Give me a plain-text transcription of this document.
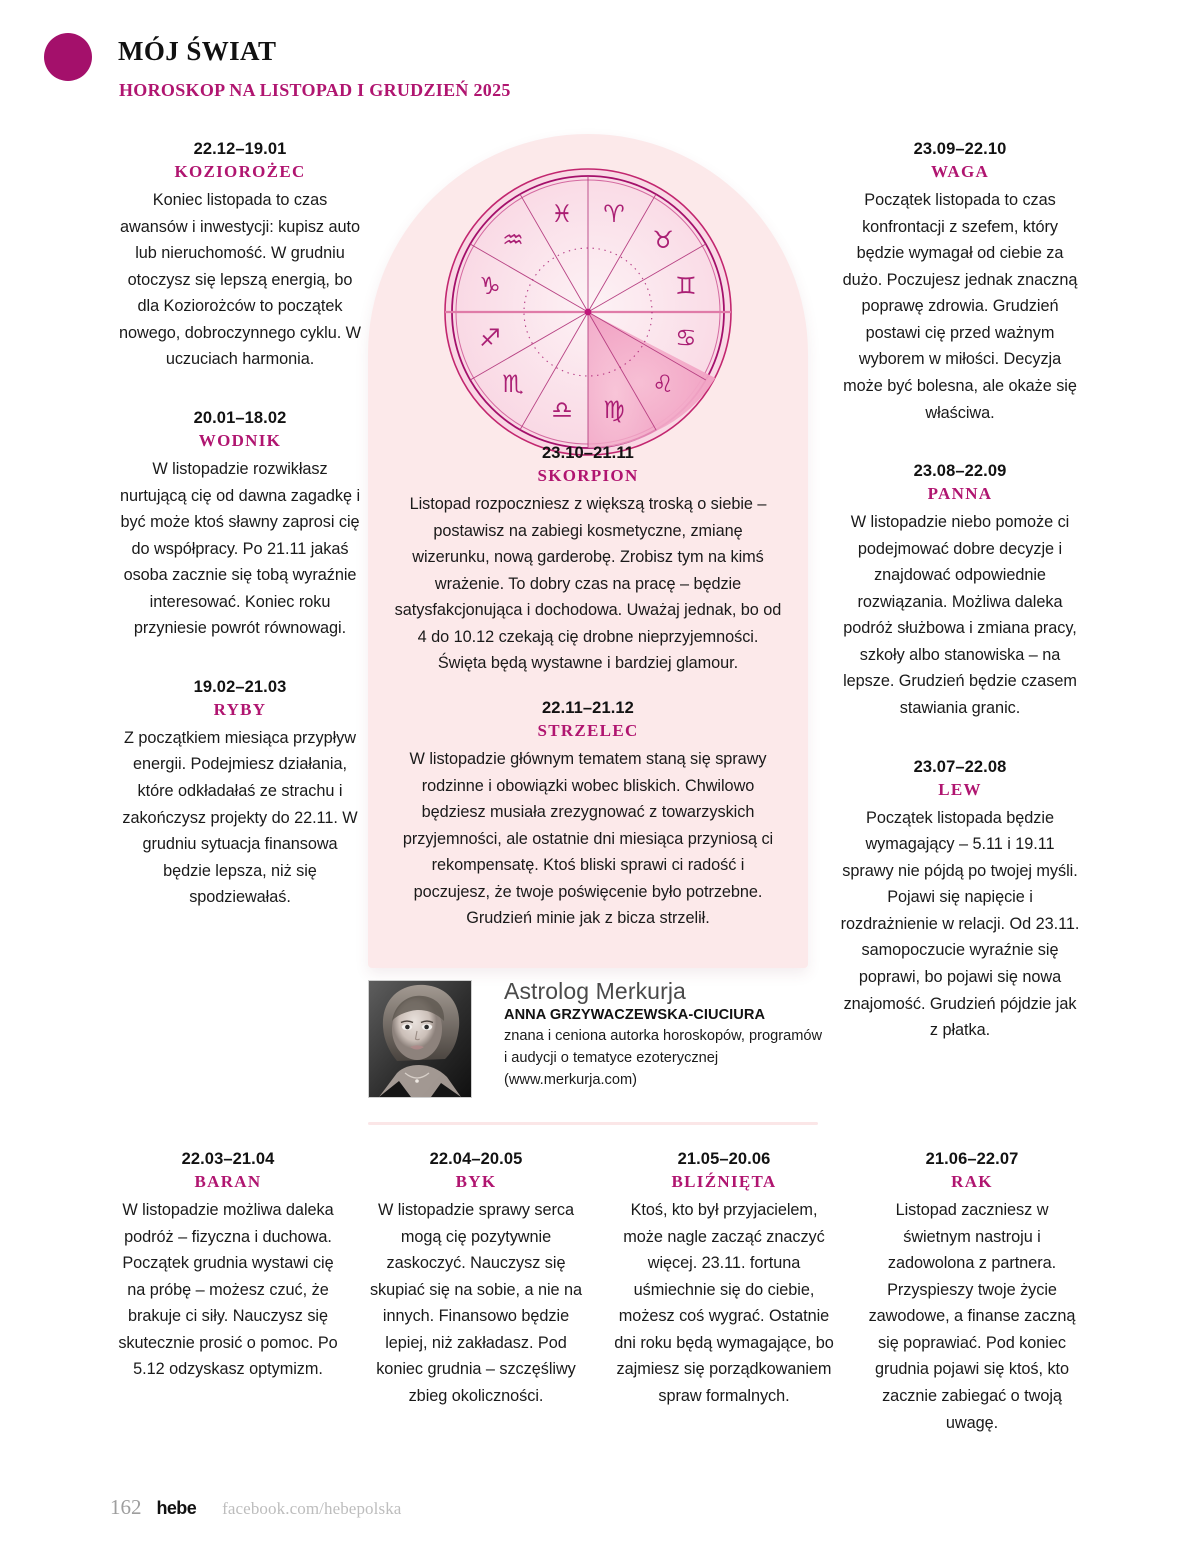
MÓJ ŚWIAT
HOROSKOP NA LISTOPAD I GRUDZIEŃ 2025
22.12–19.01
KOZIOROŻEC
Koniec listopada to czas awansów i inwestycji: kupisz auto lub nieruchomość. W grudniu otoczysz się lepszą energią, bo dla Koziorożców to początek nowego, dobroczynnego cyklu. W uczuciach harmonia.
20.01–18.02
WODNIK
W listopadzie rozwikłasz nurtującą cię od dawna zagadkę i być może ktoś sławny zaprosi cię do współpracy. Po 21.11 jakaś osoba zacznie się tobą wyraźnie interesować. Koniec roku przyniesie powrót równowagi.
19.02–21.03
RYBY
Z początkiem miesiąca przypływ energii. Podejmiesz działania, które odkładałaś ze strachu i zakończysz projekty do 22.11. W grudniu sytuacja finansowa będzie lepsza, niż się spodziewałaś.
23.09–22.10
WAGA
Początek listopada to czas konfrontacji z szefem, który będzie wymagał od ciebie za dużo. Poczujesz jednak znaczną poprawę zdrowia. Grudzień postawi cię przed ważnym wyborem w miłości. Decyzja może być bolesna, ale okaże się właściwa.
23.08–22.09
PANNA
W listopadzie niebo pomoże ci podejmować dobre decyzje i znajdować odpowiednie rozwiązania. Możliwa daleka podróż służbowa i zmiana pracy, szkoły albo stanowiska – na lepsze. Grudzień będzie czasem stawiania granic.
23.07–22.08
LEW
Początek listopada będzie wymagający – 5.11 i 19.11 sprawy nie pójdą po twojej myśli. Pojawi się napięcie i rozdrażnienie w relacji. Od 23.11. samopoczucie wyraźnie się poprawi, bo pojawi się nowa znajomość. Grudzień pójdzie jak z płatka.
♈
♉
♊
♋
♌
♍
♎
♏
♐
♑
♒
♓
23.10–21.11
SKORPION
Listopad rozpoczniesz z większą troską o siebie – postawisz na zabiegi kosmetyczne, zmianę wizerunku, nową garderobę. Zrobisz tym na kimś wrażenie. To dobry czas na pracę – będzie satysfakcjonująca i dochodowa. Uważaj jednak, bo od 4 do 10.12 czekają cię drobne nieprzyjemności. Święta będą wystawne i bardziej glamour.
22.11–21.12
STRZELEC
W listopadzie głównym tematem staną się sprawy rodzinne i obowiązki wobec bliskich. Chwilowo będziesz musiała zrezygnować z towarzyskich przyjemności, ale ostatnie dni miesiąca przyniosą ci rekompensatę. Ktoś bliski sprawi ci radość i poczujesz, że twoje poświęcenie było potrzebne. Grudzień minie jak z bicza strzelił.
Astrolog Merkurja
ANNA GRZYWACZEWSKA-CIUCIURA
znana i ceniona autorka horoskopów, programów i audycji o tematyce ezoterycznej (www.merkurja.com)
22.03–21.04
BARAN
W listopadzie możliwa daleka podróż – fizyczna i duchowa. Początek grudnia wystawi cię na próbę – możesz czuć, że brakuje ci siły. Nauczysz się skutecznie prosić o pomoc. Po 5.12 odzyskasz optymizm.
22.04–20.05
BYK
W listopadzie sprawy serca mogą cię pozytywnie zaskoczyć. Nauczysz się skupiać się na sobie, a nie na innych. Finansowo będzie lepiej, niż zakładasz. Pod koniec grudnia – szczęśliwy zbieg okoliczności.
21.05–20.06
BLIŹNIĘTA
Ktoś, kto był przyjacielem, może nagle zacząć znaczyć więcej. 23.11. fortuna uśmiechnie się do ciebie, możesz coś wygrać. Ostatnie dni roku będą wymagające, bo zajmiesz się porządkowaniem spraw formalnych.
21.06–22.07
RAK
Listopad zaczniesz w świetnym nastroju i zadowolona z partnera. Przyspieszy twoje życie zawodowe, a finanse zaczną się poprawiać. Pod koniec grudnia pojawi się ktoś, kto zacznie zabiegać o twoją uwagę.
162 hebe facebook.com/hebepolska
